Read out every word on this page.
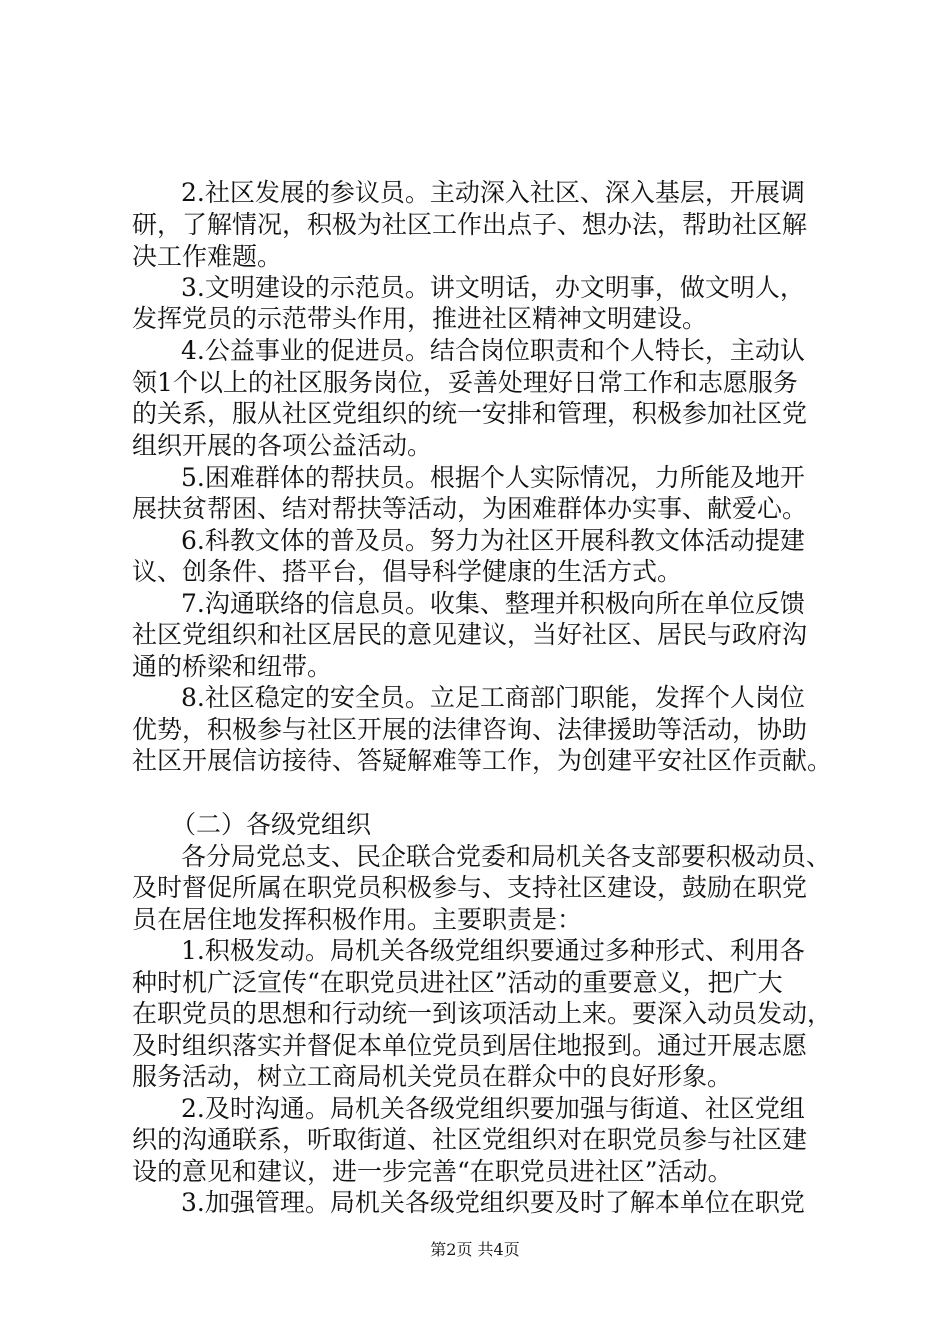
2.社区发展的参议员。主动深入社区、深入基层，开展调
研，了解情况，积极为社区工作出点子、想办法，帮助社区解
决工作难题。
3.文明建设的示范员。讲文明话，办文明事，做文明人，
发挥党员的示范带头作用，推进社区精神文明建设。
4.公益事业的促进员。结合岗位职责和个人特长，主动认
领1个以上的社区服务岗位，妥善处理好日常工作和志愿服务
的关系，服从社区党组织的统一安排和管理，积极参加社区党
组织开展的各项公益活动。
5.困难群体的帮扶员。根据个人实际情况，力所能及地开
展扶贫帮困、结对帮扶等活动，为困难群体办实事、献爱心。
6.科教文体的普及员。努力为社区开展科教文体活动提建
议、创条件、搭平台，倡导科学健康的生活方式。
7.沟通联络的信息员。收集、整理并积极向所在单位反馈
社区党组织和社区居民的意见建议，当好社区、居民与政府沟
通的桥梁和纽带。
8.社区稳定的安全员。立足工商部门职能，发挥个人岗位
优势，积极参与社区开展的法律咨询、法律援助等活动，协助
社区开展信访接待、答疑解难等工作，为创建平安社区作贡献。
（二）各级党组织
各分局党总支、民企联合党委和局机关各支部要积极动员、
及时督促所属在职党员积极参与、支持社区建设，鼓励在职党
员在居住地发挥积极作用。主要职责是：
1.积极发动。局机关各级党组织要通过多种形式、利用各
种时机广泛宣传“在职党员进社区”活动的重要意义，把广大
在职党员的思想和行动统一到该项活动上来。要深入动员发动，
及时组织落实并督促本单位党员到居住地报到。通过开展志愿
服务活动，树立工商局机关党员在群众中的良好形象。
2.及时沟通。局机关各级党组织要加强与街道、社区党组
织的沟通联系，听取街道、社区党组织对在职党员参与社区建
设的意见和建议，进一步完善“在职党员进社区”活动。
3.加强管理。局机关各级党组织要及时了解本单位在职党
第2页 共4页
